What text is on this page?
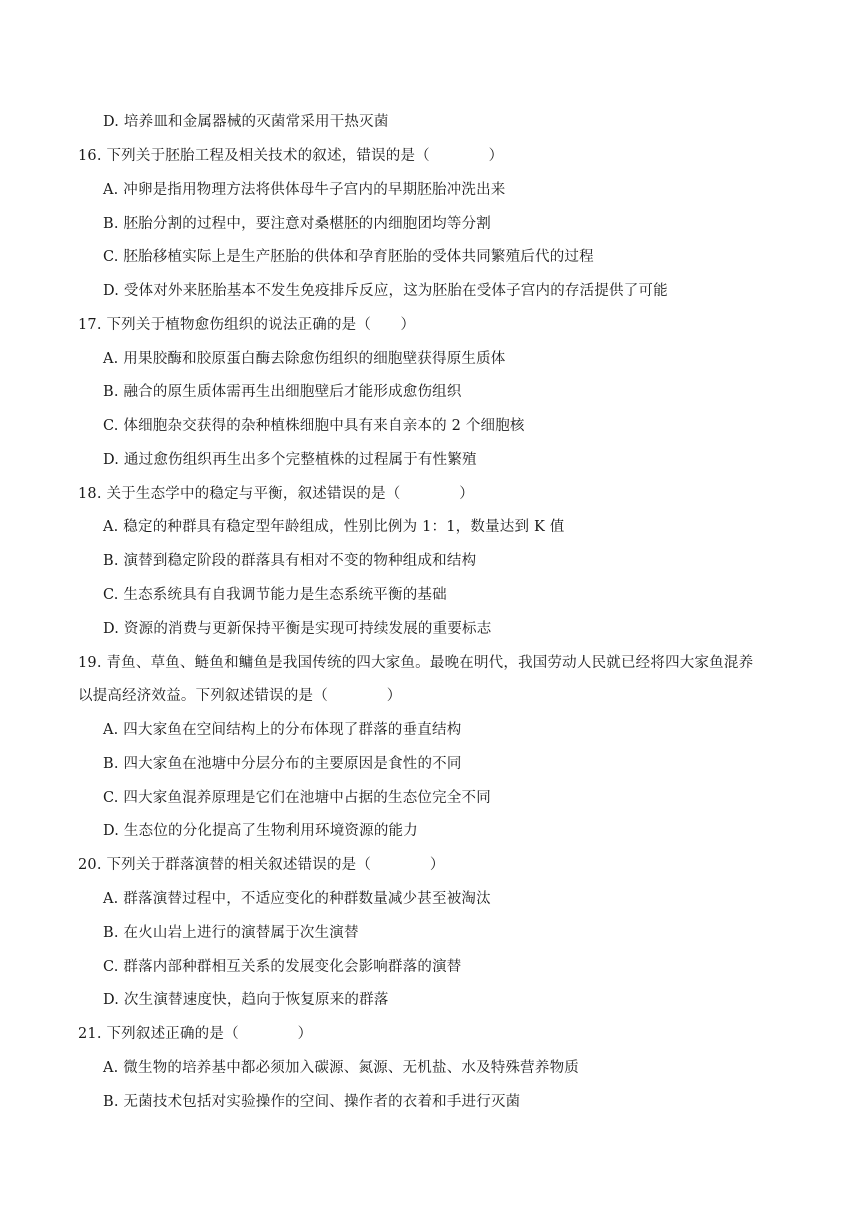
D. 培养皿和金属器械的灭菌常采用干热灭菌
16. 下列关于胚胎工程及相关技术的叙述，错误的是（　　　　）
A. 冲卵是指用物理方法将供体母牛子宫内的早期胚胎冲洗出来
B. 胚胎分割的过程中，要注意对桑椹胚的内细胞团均等分割
C. 胚胎移植实际上是生产胚胎的供体和孕育胚胎的受体共同繁殖后代的过程
D. 受体对外来胚胎基本不发生免疫排斥反应，这为胚胎在受体子宫内的存活提供了可能
17. 下列关于植物愈伤组织的说法正确的是（　　）
A. 用果胶酶和胶原蛋白酶去除愈伤组织的细胞壁获得原生质体
B. 融合的原生质体需再生出细胞壁后才能形成愈伤组织
C. 体细胞杂交获得的杂种植株细胞中具有来自亲本的 2 个细胞核
D. 通过愈伤组织再生出多个完整植株的过程属于有性繁殖
18. 关于生态学中的稳定与平衡，叙述错误的是（　　　　）
A. 稳定的种群具有稳定型年龄组成，性别比例为 1：1，数量达到 K 值
B. 演替到稳定阶段的群落具有相对不变的物种组成和结构
C. 生态系统具有自我调节能力是生态系统平衡的基础
D. 资源的消费与更新保持平衡是实现可持续发展的重要标志
19. 青鱼、草鱼、鲢鱼和鳙鱼是我国传统的四大家鱼。最晚在明代，我国劳动人民就已经将四大家鱼混养
以提高经济效益。下列叙述错误的是（　　　　）
A. 四大家鱼在空间结构上的分布体现了群落的垂直结构
B. 四大家鱼在池塘中分层分布的主要原因是食性的不同
C. 四大家鱼混养原理是它们在池塘中占据的生态位完全不同
D. 生态位的分化提高了生物利用环境资源的能力
20. 下列关于群落演替的相关叙述错误的是（　　　　）
A. 群落演替过程中，不适应变化的种群数量减少甚至被淘汰
B. 在火山岩上进行的演替属于次生演替
C. 群落内部种群相互关系的发展变化会影响群落的演替
D. 次生演替速度快，趋向于恢复原来的群落
21. 下列叙述正确的是（　　　　）
A. 微生物的培养基中都必须加入碳源、氮源、无机盐、水及特殊营养物质
B. 无菌技术包括对实验操作的空间、操作者的衣着和手进行灭菌
